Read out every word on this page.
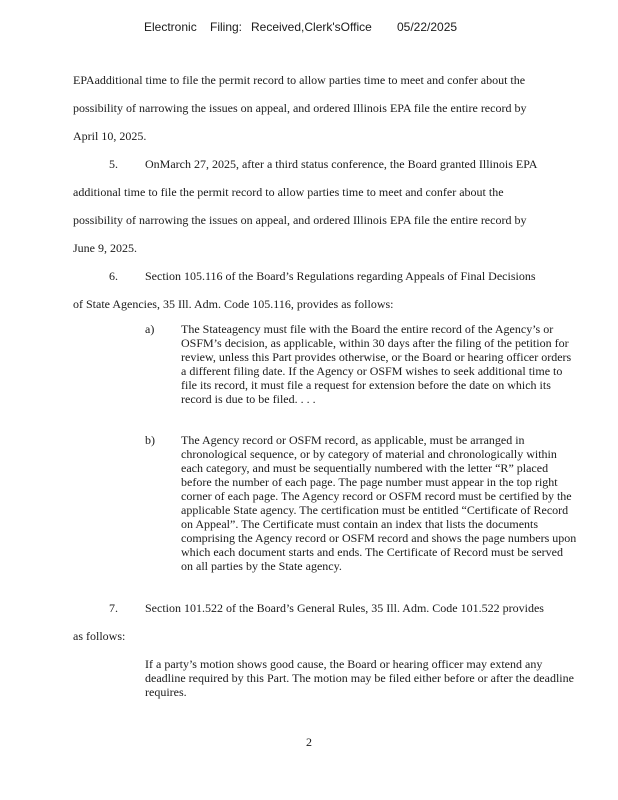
Electronic Filing: Received,Clerk'sOffice 05/22/2025
EPAadditional time to file the permit record to allow parties time to meet and confer about the
possibility of narrowing the issues on appeal, and ordered Illinois EPA file the entire record by
April 10, 2025.
5.	OnMarch 27, 2025, after a third status conference, the Board granted Illinois EPA
additional time to file the permit record to allow parties time to meet and confer about the
possibility of narrowing the issues on appeal, and ordered Illinois EPA file the entire record by
June 9, 2025.
6.	Section 105.116 of the Board’s Regulations regarding Appeals of Final Decisions
of State Agencies, 35 Ill. Adm. Code 105.116, provides as follows:
a)	The Stateagency must file with the Board the entire record of the Agency’s or OSFM’s decision, as applicable, within 30 days after the filing of the petition for review, unless this Part provides otherwise, or the Board or hearing officer orders a different filing date. If the Agency or OSFM wishes to seek additional time to file its record, it must file a request for extension before the date on which its record is due to be filed. . . .
b)	The Agency record or OSFM record, as applicable, must be arranged in chronological sequence, or by category of material and chronologically within each category, and must be sequentially numbered with the letter “R” placed before the number of each page. The page number must appear in the top right corner of each page. The Agency record or OSFM record must be certified by the applicable State agency. The certification must be entitled “Certificate of Record on Appeal”. The Certificate must contain an index that lists the documents comprising the Agency record or OSFM record and shows the page numbers upon which each document starts and ends. The Certificate of Record must be served on all parties by the State agency.
7.	Section 101.522 of the Board’s General Rules, 35 Ill. Adm. Code 101.522 provides
as follows:
If a party’s motion shows good cause, the Board or hearing officer may extend any deadline required by this Part. The motion may be filed either before or after the deadline requires.
2
